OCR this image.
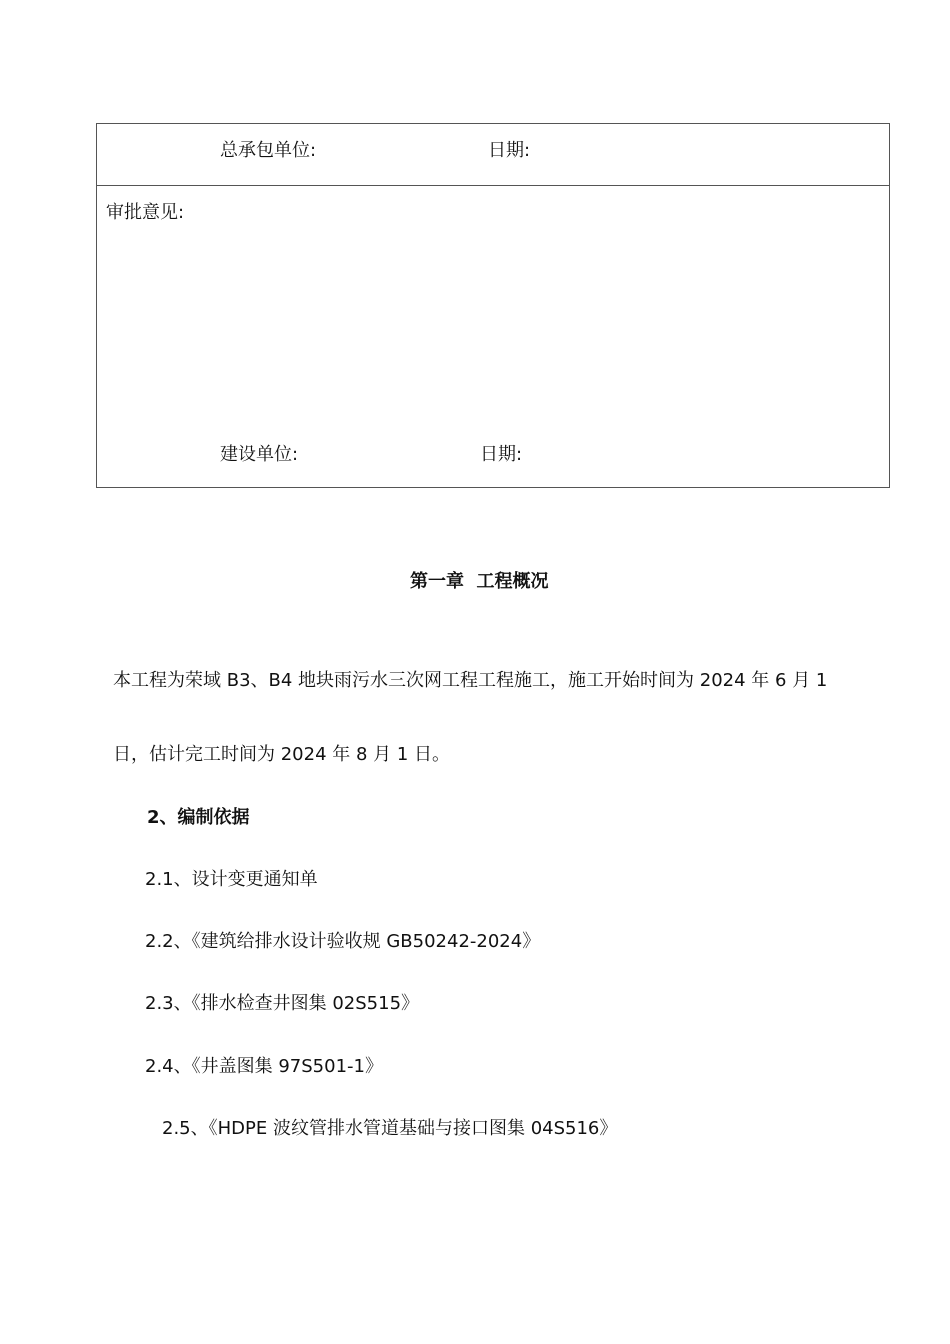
总承包单位:	日期:
审批意见:
建设单位:	日期:
第一章  工程概况
本工程为荣域 B3、B4 地块雨污水三次网工程工程施工，施工开始时间为 2024 年 6 月 1
日，估计完工时间为 2024 年 8 月 1 日。
2、编制依据
2.1、设计变更通知单
2.2、《建筑给排水设计验收规 GB50242-2024》
2.3、《排水检查井图集 02S515》
2.4、《井盖图集 97S501-1》
2.5、《HDPE 波纹管排水管道基础与接口图集 04S516》
